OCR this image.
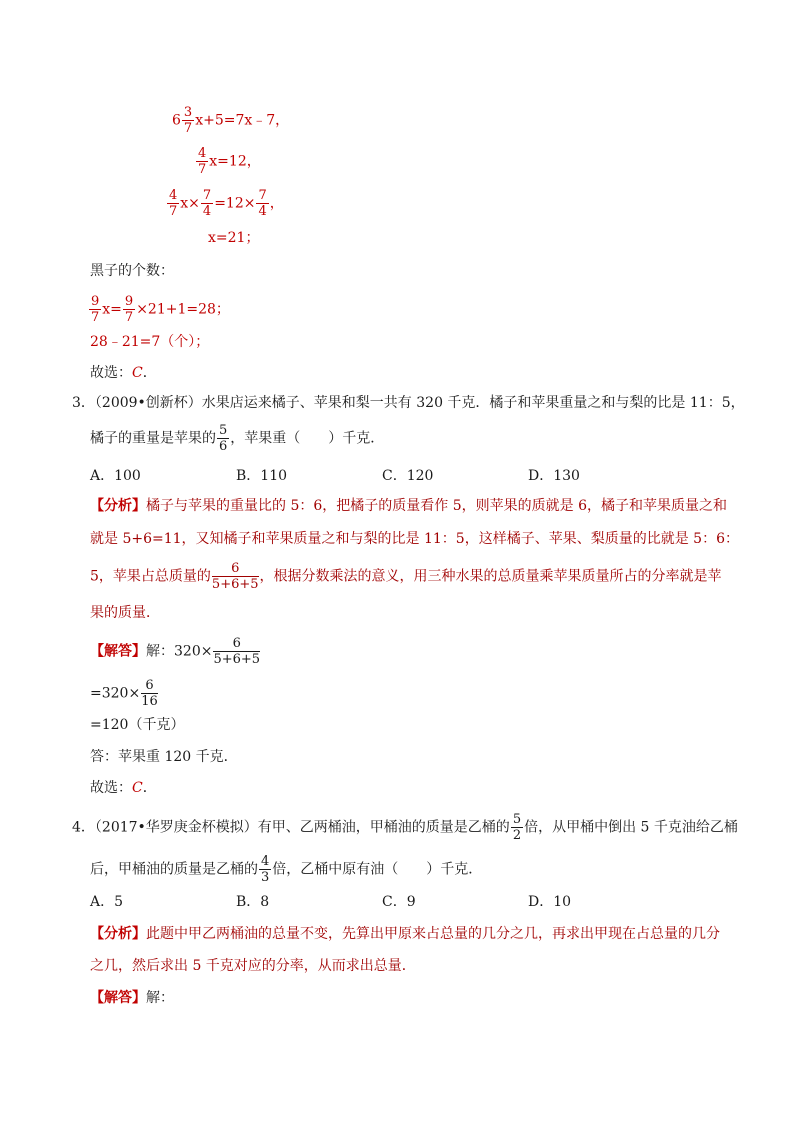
$6 \frac{3}{7}$ x+5=7x﹣7，
$\frac{4}{7} x=12$，
$\frac{4}{7} x\times \frac{7}{4} =12\times \frac{7}{4}$ ，
x=21；
黑子的个数：
$\frac{9}{7} x= \frac{9}{7} \times 21+1=28$；
28﹣21=7（个）；
故选：C．
3．（2009•创新杯）水果店运来橘子、苹果和梨一共有 320 千克．橘子和苹果重量之和与梨的比是 11：5，
橘子的重量是苹果的 $\frac{5}{6}$ ，苹果重（　　）千克．
A．100	B．110	C．120	D．130
【分析】橘子与苹果的重量比的 5：6，把橘子的质量看作 5，则苹果的质就是 6，橘子和苹果质量之和
就是 5+6=11，又知橘子和苹果质量之和与梨的比是 11：5，这样橘子、苹果、梨质量的比就是 5：6：
5，苹果占总质量的 $\frac{6}{5+6+5}$ ，根据分数乘法的意义，用三种水果的总质量乘苹果质量所占的分率就是苹
果的质量．
【解答】解：$320\times \frac{6}{5+6+5}$
$=320\times \frac{6}{16}$
=120（千克）
答：苹果重 120 千克．
故选：C．
4．（2017•华罗庚金杯模拟）有甲、乙两桶油，甲桶油的质量是乙桶的 $\frac{5}{2}$ 倍，从甲桶中倒出 5 千克油给乙桶
后，甲桶油的质量是乙桶的 $\frac{4}{3}$ 倍，乙桶中原有油（　　）千克．
A．5	B．8	C．9	D．10
【分析】此题中甲乙两桶油的总量不变，先算出甲原来占总量的几分之几，再求出甲现在占总量的几分
之几，然后求出 5 千克对应的分率，从而求出总量．
【解答】解：
